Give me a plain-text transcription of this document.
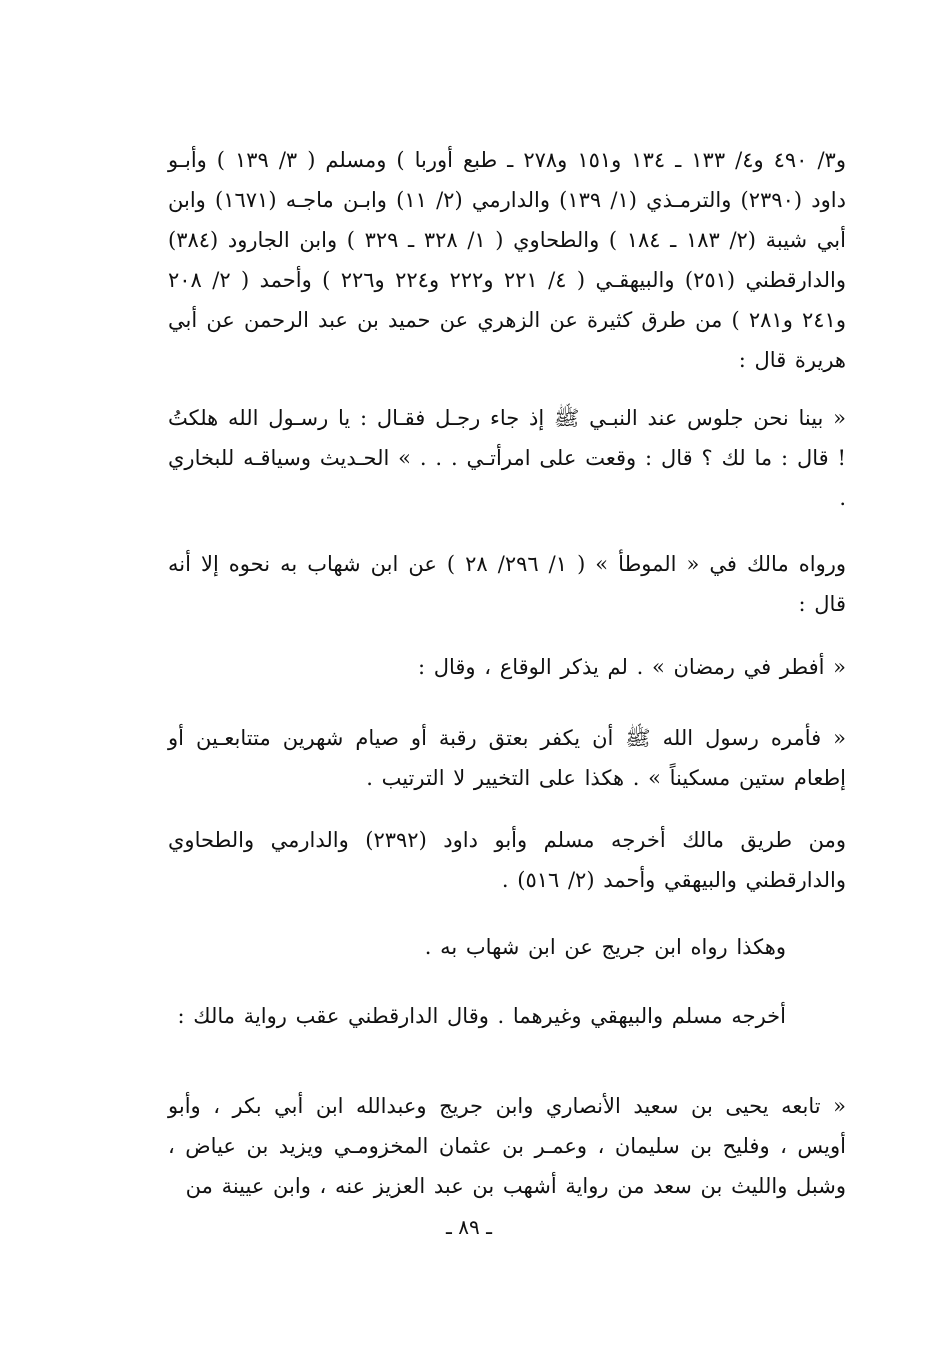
و٣/ ٤٩٠ و٤/ ١٣٣ ـ ١٣٤ و١٥١ و٢٧٨ ـ طبع أوربا ) ومسلم ( ٣/ ١٣٩ ) وأبـو داود (٢٣٩٠) والترمـذي (١/ ١٣٩) والدارمي (٢/ ١١) وابـن ماجـه (١٦٧١) وابن أبي شيبة (٢/ ١٨٣ ـ ١٨٤ ) والطحاوي ( ١/ ٣٢٨ ـ ٣٢٩ ) وابن الجارود (٣٨٤) والدارقطني (٢٥١) والبيهقـي ( ٤/ ٢٢١ و٢٢٢ و٢٢٤ و٢٢٦ ) وأحمد ( ٢/ ٢٠٨ و٢٤١ و٢٨١ ) من طرق كثيرة عن الزهري عن حميد بن عبد الرحمن عن أبي هريرة قال :

« بينا نحن جلوس عند النبـي ﷺ إذ جاء رجـل فقـال : يا رسـول الله هلكتُ ! قال : ما لك ؟ قال : وقعت على امرأتـي . . . » الحـديث وسياقـه للبخاري .

ورواه مالك في « الموطأ » ( ١/ ٢٩٦/ ٢٨ ) عن ابن شهاب به نحوه إلا أنه قال :

« أفطر في رمضان » . لم يذكر الوقاع ، وقال :

« فأمره رسول الله ﷺ أن يكفر بعتق رقبة أو صيام شهرين متتابعـين أو إطعام ستين مسكيناً » . هكذا على التخيير لا الترتيب .

ومن طريق مالك أخرجه مسلم وأبو داود (٢٣٩٢) والدارمي والطحاوي والدارقطني والبيهقي وأحمد (٢/ ٥١٦) .

وهكذا رواه ابن جريج عن ابن شهاب به .

أخرجه مسلم والبيهقي وغيرهما . وقال الدارقطني عقب رواية مالك :

« تابعه يحيى بن سعيد الأنصاري وابن جريج وعبدالله ابن أبي بكر ، وأبو أويس ، وفليح بن سليمان ، وعمـر بن عثمان المخزومـي ويزيد بن عياض ، وشبل والليث بن سعد من رواية أشهب بن عبد العزيز عنه ، وابن عيينة من

ـ ٨٩ ـ
